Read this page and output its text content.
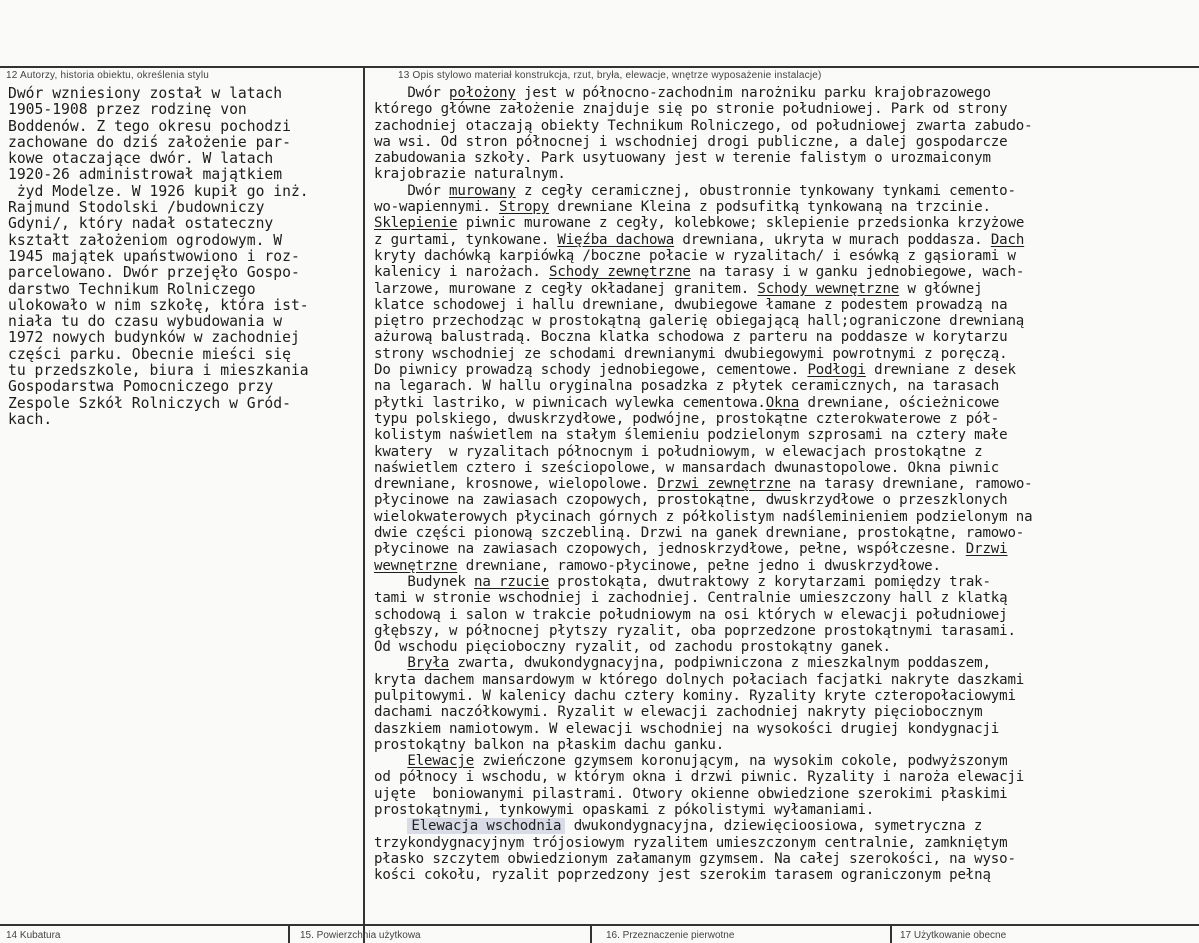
12 Autorzy, historia obiektu, określenia stylu	13 Opis stylowo materiał konstrukcja, rzut, bryła, elewacje, wnętrze wyposażenie instalacje)
Dwór wzniesiony został w latach
1905-1908 przez rodzinę von
Boddenów. Z tego okresu pochodzi
zachowane do dziś założenie par-
kowe otaczające dwór. W latach
1920-26 administrował majątkiem
żyd Modelze. W 1926 kupił go inż.
Rajmund Stodolski /budowniczy
Gdyni/, który nadał ostateczny
kształt założeniom ogrodowym. W
1945 majątek upaństwowiono i roz-
parcelowano. Dwór przejęło Gospo-
darstwo Technikum Rolniczego
ulokowało w nim szkołę, która ist-
niała tu do czasu wybudowania w
1972 nowych budynków w zachodniej
części parku. Obecnie mieści się
tu przedszkole, biura i mieszkania
Gospodarstwa Pomocniczego przy
Zespole Szkół Rolniczych w Gród-
kach.
Dwór położony jest w północno-zachodnim narożniku parku krajobrazowego
którego główne założenie znajduje się po stronie południowej. Park od strony
zachodniej otaczają obiekty Technikum Rolniczego, od południowej zwarta zabudo-
wa wsi. Od stron północnej i wschodniej drogi publiczne, a dalej gospodarcze
zabudowania szkoły. Park usytuowany jest w terenie falistym o urozmaiconym
krajobrazie naturalnym.
Dwór murowany z cegły ceramicznej, obustronnie tynkowany tynkami cemento-
wo-wapiennymi. Stropy drewniane Kleina z podsufitką tynkowaną na trzcinie.
Sklepienie piwnic murowane z cegły, kolebkowe; sklepienie przedsionka krzyżowe
z gurtami, tynkowane. Więźba dachowa drewniana, ukryta w murach poddasza. Dach
kryty dachówką karpiówką /boczne połacie w ryzalitach/ i esówką z gąsiorami w
kalenicy i narożach. Schody zewnętrzne na tarasy i w ganku jednobiegowe, wach-
larzowe, murowane z cegły okładanej granitem. Schody wewnętrzne w głównej
klatce schodowej i hallu drewniane, dwubiegowe łamane z podestem prowadzą na
piętro przechodząc w prostokątną galerię obiegającą hall;ograniczone drewnianą
ażurową balustradą. Boczna klatka schodowa z parteru na poddasze w korytarzu
strony wschodniej ze schodami drewnianymi dwubiegowymi powrotnymi z poręczą.
Do piwnicy prowadzą schody jednobiegowe, cementowe. Podłogi drewniane z desek
na legarach. W hallu oryginalna posadzka z płytek ceramicznych, na tarasach
płytki lastriko, w piwnicach wylewka cementowa.Okna drewniane, ościeżnicowe
typu polskiego, dwuskrzydłowe, podwójne, prostokątne czterokwaterowe z pół-
kolistym naświetlem na stałym ślemieniu podzielonym szprosami na cztery małe
kwatery  w ryzalitach północnym i południowym, w elewacjach prostokątne z
naświetlem cztero i sześciopolowe, w mansardach dwunastopolowe. Okna piwnic
drewniane, krosnowe, wielopolowe. Drzwi zewnętrzne na tarasy drewniane, ramowo-
płycinowe na zawiasach czopowych, prostokątne, dwuskrzydłowe o przeszklonych
wielokwaterowych płycinach górnych z półkolistym nadśleminieniem podzielonym na
dwie części pionową szczebliną. Drzwi na ganek drewniane, prostokątne, ramowo-
płycinowe na zawiasach czopowych, jednoskrzydłowe, pełne, współczesne. Drzwi
wewnętrzne drewniane, ramowo-płycinowe, pełne jedno i dwuskrzydłowe.
Budynek na rzucie prostokąta, dwutraktowy z korytarzami pomiędzy trak-
tami w stronie wschodniej i zachodniej. Centralnie umieszczony hall z klatką
schodową i salon w trakcie południowym na osi których w elewacji południowej
głębszy, w północnej płytszy ryzalit, oba poprzedzone prostokątnymi tarasami.
Od wschodu pięcioboczny ryzalit, od zachodu prostokątny ganek.
Bryła zwarta, dwukondygnacyjna, podpiwniczona z mieszkalnym poddaszem,
kryta dachem mansardowym w którego dolnych połaciach facjatki nakryte daszkami
pulpitowymi. W kalenicy dachu cztery kominy. Ryzality kryte czteropołaciowymi
dachami naczółkowymi. Ryzalit w elewacji zachodniej nakryty pięciobocznym
daszkiem namiotowym. W elewacji wschodniej na wysokości drugiej kondygnacji
prostokątny balkon na płaskim dachu ganku.
Elewacje zwieńczone gzymsem koronującym, na wysokim cokole, podwyższonym
od północy i wschodu, w którym okna i drzwi piwnic. Ryzality i naroża elewacji
ujęte  boniowanymi pilastrami. Otwory okienne obwiedzione szerokimi płaskimi
prostokątnymi, tynkowymi opaskami z pókolistymi wyłamaniami.
Elewacja wschodnia dwukondygnacyjna, dziewięcioosiowa, symetryczna z
trzykondygnacyjnym trójosiowym ryzalitem umieszczonym centralnie, zamkniętym
płasko szczytem obwiedzionym załamanym gzymsem. Na całej szerokości, na wyso-
kości cokołu, ryzalit poprzedzony jest szerokim tarasem ograniczonym pełną
14 Kubatura	15. Powierzchnia użytkowa	16. Przeznaczenie pierwotne	17 Użytkowanie obecne
